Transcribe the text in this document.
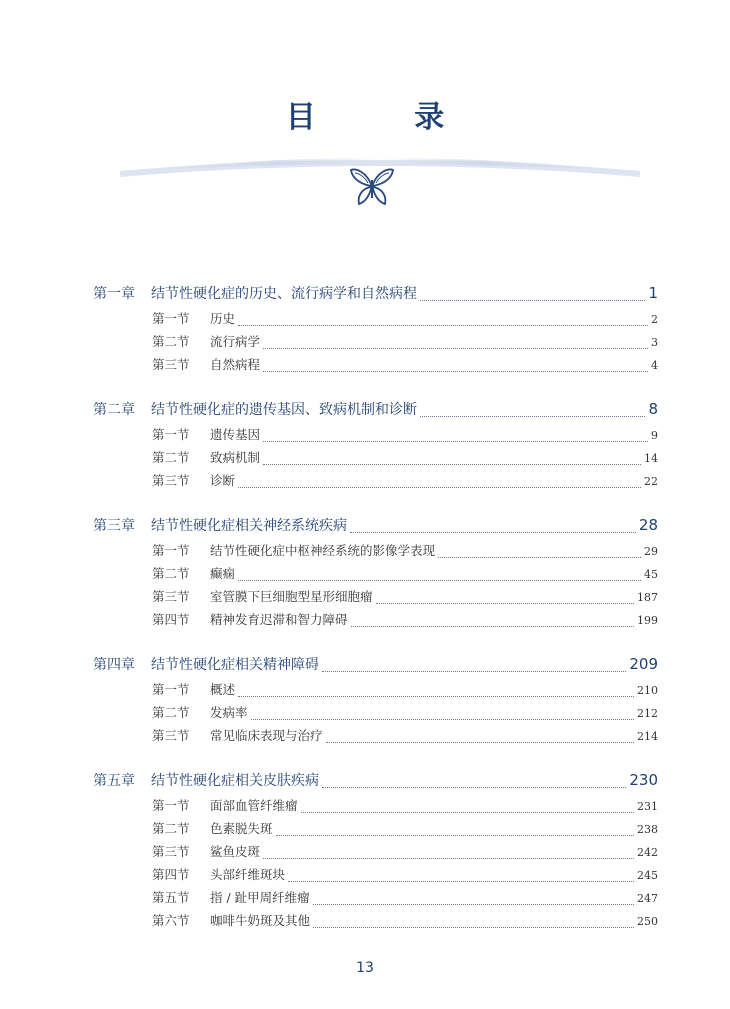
目 录
第一章	结节性硬化症的历史、流行病学和自然病程	1
第一节	历史	2
第二节	流行病学	3
第三节	自然病程	4
第二章	结节性硬化症的遗传基因、致病机制和诊断	8
第一节	遗传基因	9
第二节	致病机制	14
第三节	诊断	22
第三章	结节性硬化症相关神经系统疾病	28
第一节	结节性硬化症中枢神经系统的影像学表现	29
第二节	癫痫	45
第三节	室管膜下巨细胞型星形细胞瘤	187
第四节	精神发育迟滞和智力障碍	199
第四章	结节性硬化症相关精神障碍	209
第一节	概述	210
第二节	发病率	212
第三节	常见临床表现与治疗	214
第五章	结节性硬化症相关皮肤疾病	230
第一节	面部血管纤维瘤	231
第二节	色素脱失斑	238
第三节	鲨鱼皮斑	242
第四节	头部纤维斑块	245
第五节	指 / 趾甲周纤维瘤	247
第六节	咖啡牛奶斑及其他	250
13
